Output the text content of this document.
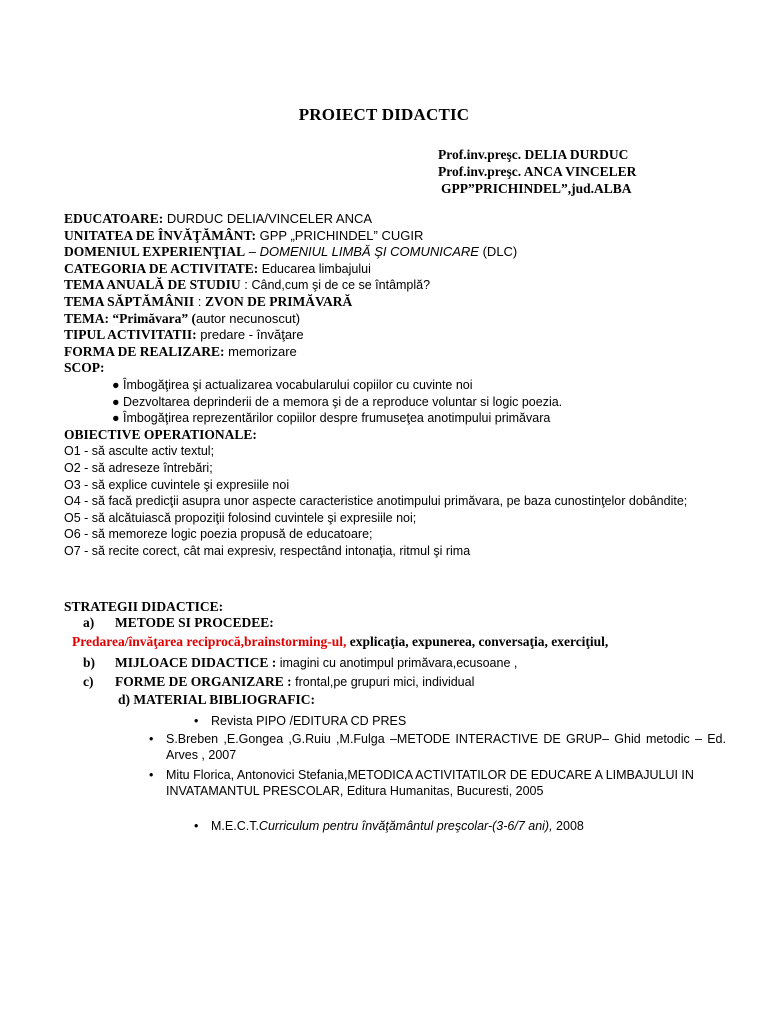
PROIECT DIDACTIC
Prof.inv.preşc. DELIA DURDUC
Prof.inv.preşc. ANCA VINCELER
GPP”PRICHINDEL”,jud.ALBA
EDUCATOARE: DURDUC DELIA/VINCELER ANCA
UNITATEA DE ÎNVĂŢĂMÂNT: GPP „PRICHINDEL” CUGIR
DOMENIUL EXPERIENŢIAL – DOMENIUL LIMBĂ ŞI COMUNICARE (DLC)
CATEGORIA DE ACTIVITATE: Educarea limbajului
TEMA ANUALĂ DE STUDIU : Când,cum şi de ce se întâmplă?
TEMA SĂPTĂMÂNII : ZVON DE PRIMĂVARĂ
TEMA: “Primăvara” (autor necunoscut)
TIPUL ACTIVITATII: predare - învăţare
FORMA DE REALIZARE: memorizare
SCOP:
● Îmbogăţirea şi actualizarea vocabularului copiilor cu cuvinte noi
● Dezvoltarea deprinderii de a memora şi de a reproduce voluntar si logic poezia.
● Îmbogăţirea reprezentărilor copiilor despre frumuseţea anotimpului primăvara
OBIECTIVE OPERATIONALE:
O1 - să asculte activ textul;
O2 - să adreseze întrebări;
O3 - să explice cuvintele şi expresiile noi
O4 - să facă predicţii asupra unor aspecte caracteristice anotimpului primăvara, pe baza cunostinţelor dobândite;
O5 - să alcătuiască propoziţii folosind cuvintele şi expresiile noi;
O6 - să memoreze logic poezia propusă de educatoare;
O7 - să recite corect, cât mai expresiv, respectând intonaţia, ritmul şi rima
STRATEGII DIDACTICE:
a) METODE SI PROCEDEE:
Predarea/învăţarea reciprocă,brainstorming-ul, explicaţia, expunerea, conversaţia, exerciţiul,
b) MIJLOACE DIDACTICE : imagini cu anotimpul primăvara,ecusoane ,
c) FORME DE ORGANIZARE : frontal,pe grupuri mici, individual
d) MATERIAL BIBLIOGRAFIC:
• Revista PIPO /EDITURA CD PRES
• S.Breben ,E.Gongea ,G.Ruiu ,M.Fulga –METODE INTERACTIVE DE GRUP– Ghid metodic – Ed. Arves , 2007
• Mitu Florica, Antonovici Stefania,METODICA ACTIVITATILOR DE EDUCARE A LIMBAJULUI IN INVATAMANTUL PRESCOLAR, Editura Humanitas, Bucuresti, 2005
• M.E.C.T.Curriculum pentru învăţământul preşcolar-(3-6/7 ani), 2008
